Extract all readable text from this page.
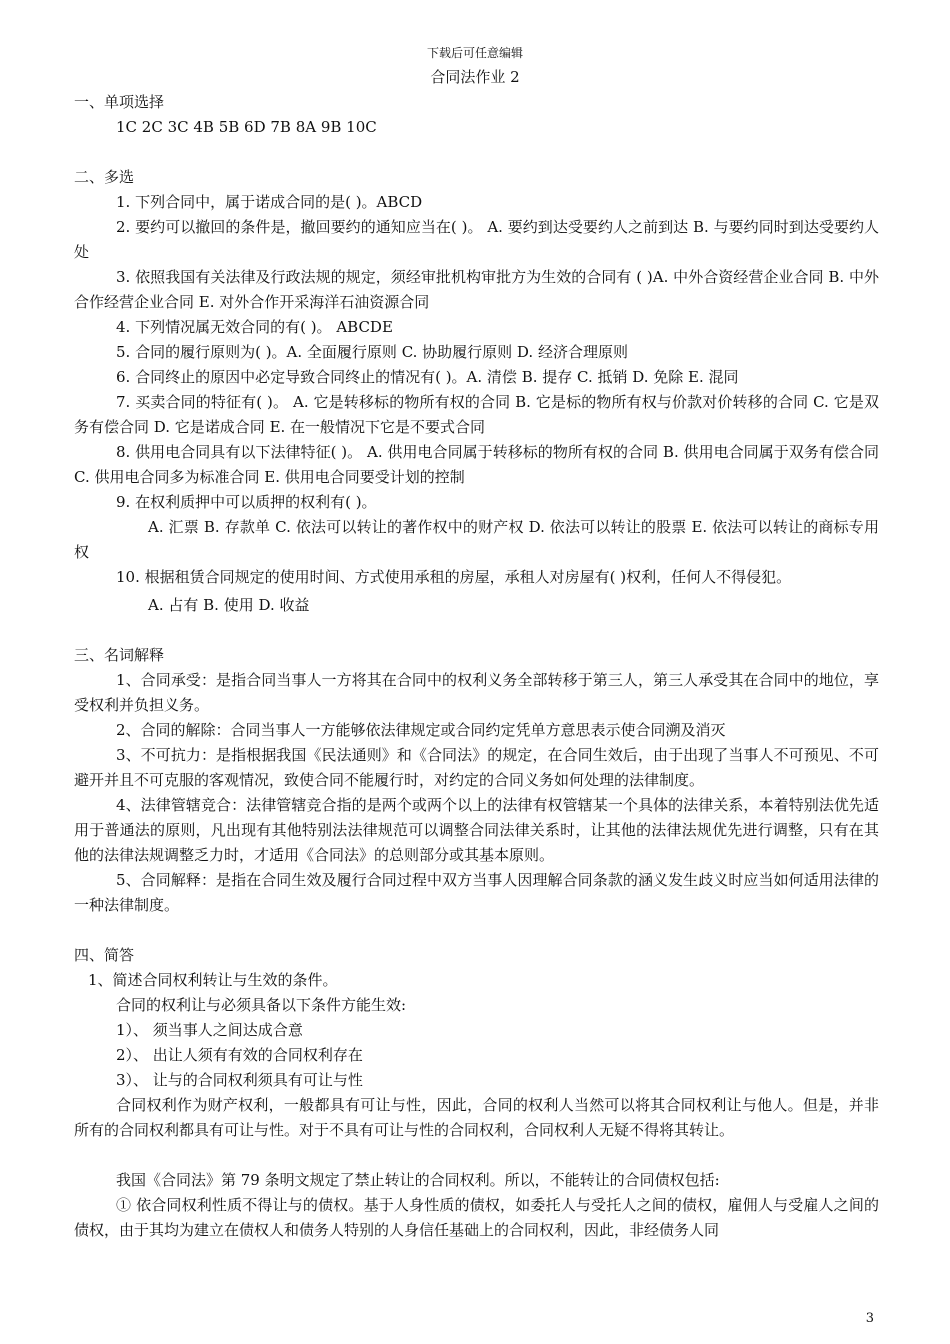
下载后可任意编辑
合同法作业 2

一、单项选择

1C 2C 3C 4B 5B 6D 7B 8A 9B 10C

二、多选

1. 下列合同中，属于诺成合同的是( )。ABCD

2. 要约可以撤回的条件是，撤回要约的通知应当在( )。 A. 要约到达受要约人之前到达 B. 与要约同时到达受要约人处

3. 依照我国有关法律及行政法规的规定，须经审批机构审批方为生效的合同有 ( )A. 中外合资经营企业合同 B. 中外合作经营企业合同 E. 对外合作开采海洋石油资源合同

4. 下列情况属无效合同的有( )。 ABCDE

5. 合同的履行原则为( )。A. 全面履行原则 C. 协助履行原则 D. 经济合理原则

6. 合同终止的原因中必定导致合同终止的情况有( )。A. 清偿 B. 提存 C. 抵销 D. 免除 E. 混同

7. 买卖合同的特征有( )。 A. 它是转移标的物所有权的合同 B. 它是标的物所有权与价款对价转移的合同 C. 它是双务有偿合同 D. 它是诺成合同 E. 在一般情况下它是不要式合同

8. 供用电合同具有以下法律特征( )。 A. 供用电合同属于转移标的物所有权的合同 B. 供用电合同属于双务有偿合同 C. 供用电合同多为标准合同 E. 供用电合同要受计划的控制

9. 在权利质押中可以质押的权利有( )。

A. 汇票 B. 存款单 C. 依法可以转让的著作权中的财产权 D. 依法可以转让的股票 E. 依法可以转让的商标专用权

10. 根据租赁合同规定的使用时间、方式使用承租的房屋，承租人对房屋有( )权利，任何人不得侵犯。

A. 占有 B. 使用 D. 收益

三、名词解释

1、合同承受：是指合同当事人一方将其在合同中的权利义务全部转移于第三人，第三人承受其在合同中的地位，享受权利并负担义务。

2、合同的解除：合同当事人一方能够依法律规定或合同约定凭单方意思表示使合同溯及消灭

3、不可抗力：是指根据我国《民法通则》和《合同法》的规定，在合同生效后，由于出现了当事人不可预见、不可避开并且不可克服的客观情况，致使合同不能履行时，对约定的合同义务如何处理的法律制度。

4、法律管辖竞合：法律管辖竞合指的是两个或两个以上的法律有权管辖某一个具体的法律关系，本着特别法优先适用于普通法的原则，凡出现有其他特别法法律规范可以调整合同法律关系时，让其他的法律法规优先进行调整，只有在其他的法律法规调整乏力时，才适用《合同法》的总则部分或其基本原则。

5、合同解释：是指在合同生效及履行合同过程中双方当事人因理解合同条款的涵义发生歧义时应当如何适用法律的一种法律制度。

四、简答

1、简述合同权利转让与生效的条件。

合同的权利让与必须具备以下条件方能生效:

1）、 须当事人之间达成合意

2）、 出让人须有有效的合同权利存在

3）、 让与的合同权利须具有可让与性

合同权利作为财产权利，一般都具有可让与性，因此，合同的权利人当然可以将其合同权利让与他人。但是，并非所有的合同权利都具有可让与性。对于不具有可让与性的合同权利，合同权利人无疑不得将其转让。

我国《合同法》第 79 条明文规定了禁止转让的合同权利。所以，不能转让的合同债权包括:

① 依合同权利性质不得让与的债权。基于人身性质的债权，如委托人与受托人之间的债权，雇佣人与受雇人之间的债权，由于其均为建立在债权人和债务人特别的人身信任基础上的合同权利，因此，非经债务人同

3
